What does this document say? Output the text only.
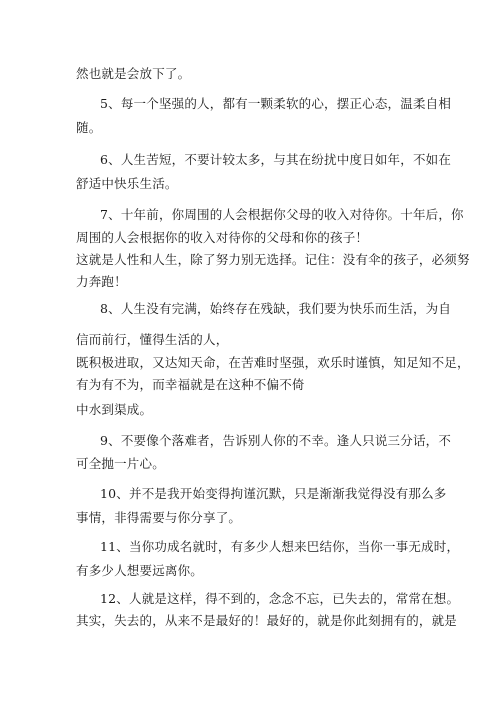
然也就是会放下了。
5、每一个坚强的人，都有一颗柔软的心，摆正心态，温柔自相
随。
6、人生苦短，不要计较太多，与其在纷扰中度日如年，不如在
舒适中快乐生活。
7、十年前，你周围的人会根据你父母的收入对待你。十年后，你
周围的人会根据你的收入对待你的父母和你的孩子！
这就是人性和人生，除了努力别无选择。记住：没有伞的孩子，必须努
力奔跑！
8、人生没有完满，始终存在残缺，我们要为快乐而生活，为自
信而前行，懂得生活的人，
既积极进取，又达知天命，在苦难时坚强，欢乐时谨慎，知足知不足，
有为有不为，而幸福就是在这种不偏不倚
中水到渠成。
9、不要像个落难者，告诉别人你的不幸。逢人只说三分话，不
可全抛一片心。
10、并不是我开始变得拘谨沉默，只是渐渐我觉得没有那么多
事情，非得需要与你分享了。
11、当你功成名就时，有多少人想来巴结你，当你一事无成时，
有多少人想要远离你。
12、人就是这样，得不到的，念念不忘，已失去的，常常在想。
其实，失去的，从来不是最好的！最好的，就是你此刻拥有的，就是
